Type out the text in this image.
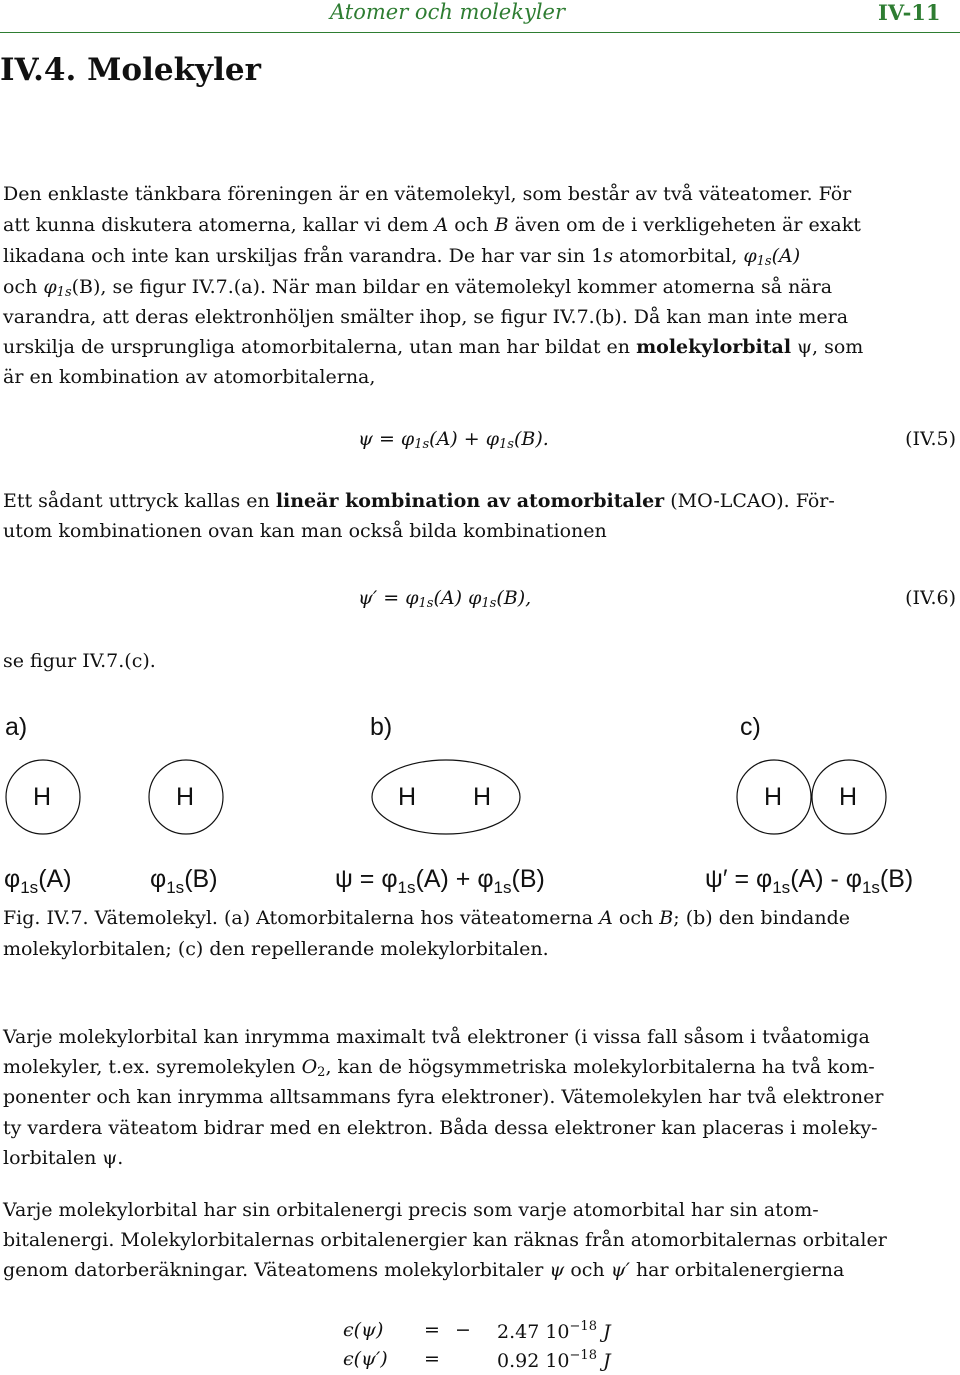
Atomer och molekyler	IV-11
IV.4. Molekyler
Den enklaste tänkbara föreningen är en vätemolekyl, som består av två väteatomer. För
att kunna diskutera atomerna, kallar vi dem A och B även om de i verkligeheten är exakt
likadana och inte kan urskiljas från varandra. De har var sin 1s atomorbital, $\varphi_{1s}(A)$
och $\varphi_{1s}(B)$, se figur IV.7.(a). När man bildar en vätemolekyl kommer atomerna så nära
varandra, att deras elektronhöljen smälter ihop, se figur IV.7.(b). Då kan man inte mera
urskilja de ursprungliga atomorbitalerna, utan man har bildat en molekylorbital ψ, som
är en kombination av atomorbitalerna,
$\psi = \varphi_{1s}(A) + \varphi_{1s}(B)$.	(IV.5)
Ett sådant uttryck kallas en lineär kombination av atomorbitaler (MO-LCAO). För-
utom kombinationen ovan kan man också bilda kombinationen
$\psi' = \varphi_{1s}(A)$ $\varphi_{1s}(B)$,	(IV.6)
se figur IV.7.(c).
a)	b)	c)
H	H	H H	H H
$\varphi_{1s}(A)$	$\varphi_{1s}(B)$	$\psi = \varphi_{1s}(A) + \varphi_{1s}(B)$	$\psi' = \varphi_{1s}(A) - \varphi_{1s}(B)$
Fig. IV.7. Vätemolekyl. (a) Atomorbitalerna hos väteatomerna A och B; (b) den bindande
molekylorbitalen; (c) den repellerande molekylorbitalen.
Varje molekylorbital kan inrymma maximalt två elektroner (i vissa fall såsom i tvåatomiga
molekyler, t.ex. syremolekylen $O_2$, kan de högsymmetriska molekylorbitalerna ha två kom-
ponenter och kan inrymma alltsammans fyra elektroner). Vätemolekylen har två elektroner
ty vardera väteatom bidrar med en elektron. Båda dessa elektroner kan placeras i moleky-
lorbitalen ψ.
Varje molekylorbital har sin orbitalenergi precis som varje atomorbital har sin atom-
bitalenergi. Molekylorbitalernas orbitalenergier kan räknas från atomorbitalernas orbitaler
genom datorberäkningar. Väteatomens molekylorbitaler ψ och ψ′ har orbitalenergierna
ϵ(ψ) = − 2.47 $10^{-18}$ J
ϵ(ψ′) =	0.92 $10^{-18}$ J
